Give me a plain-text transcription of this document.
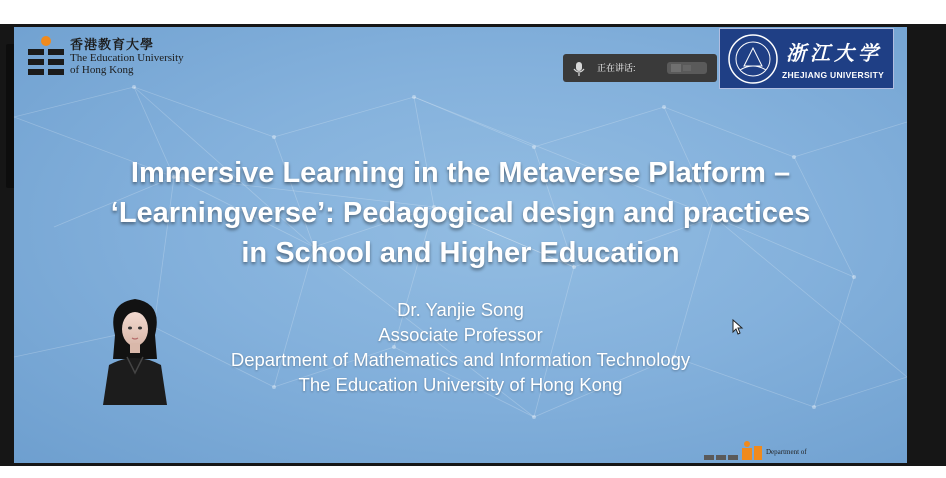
香港教育大學
The Education University
of Hong Kong
浙江大学
ZHEJIANG UNIVERSITY
正在讲话:
Immersive Learning in the Metaverse Platform –
‘Learningverse’: Pedagogical design and practices
in School and Higher Education
Dr. Yanjie Song
Associate Professor
Department of Mathematics and Information Technology
The Education University of Hong Kong
Department of
